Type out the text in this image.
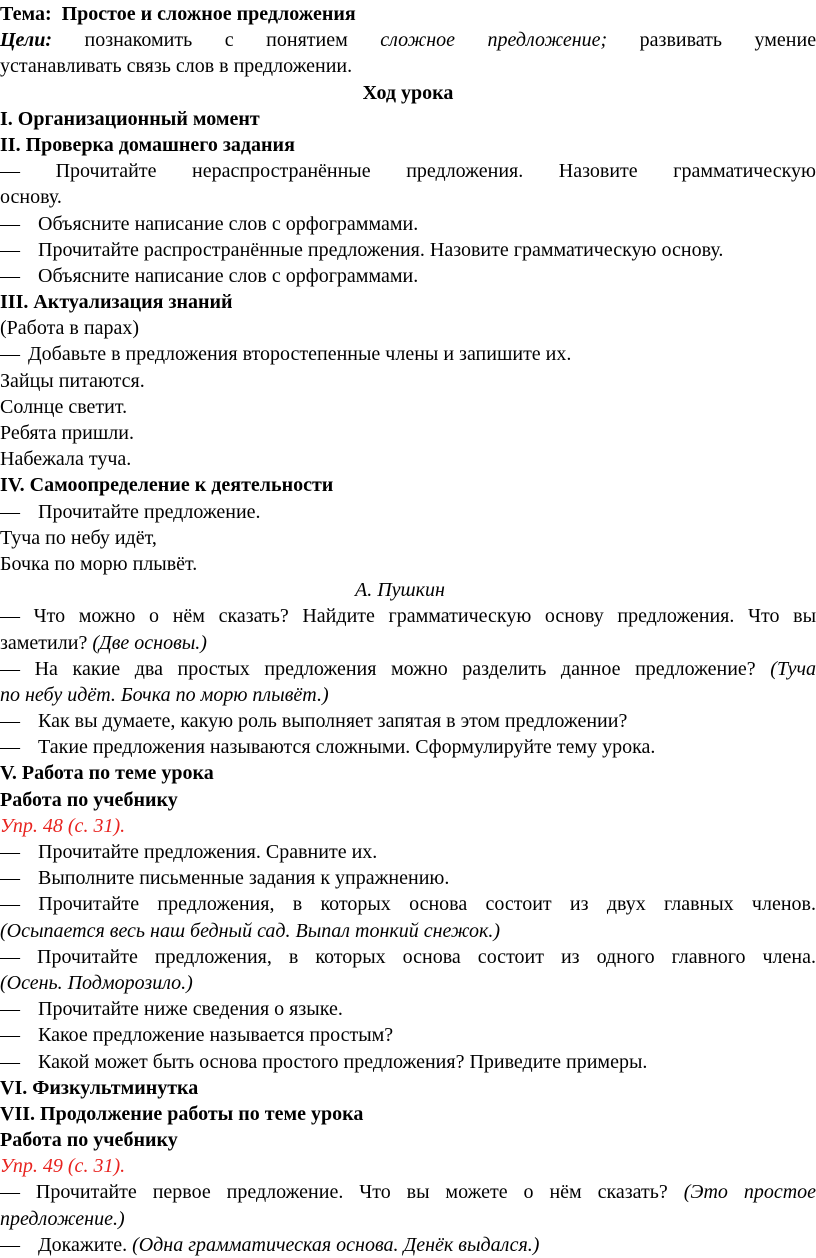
Тема: Простое и сложное предложения
Цели: познакомить с понятием сложное предложение; развивать умение
устанавливать связь слов в предложении.
Ход урока
I. Организационный момент
II. Проверка домашнего задания
— Прочитайте нераспространённые предложения. Назовите грамматическую
основу.
— Объясните написание слов с орфограммами.
— Прочитайте распространённые предложения. Назовите грамматическую основу.
— Объясните написание слов с орфограммами.
III. Актуализация знаний
(Работа в парах)
— Добавьте в предложения второстепенные члены и запишите их.
Зайцы питаются.
Солнце светит.
Ребята пришли.
Набежала туча.
IV. Самоопределение к деятельности
— Прочитайте предложение.
Туча по небу идёт,
Бочка по морю плывёт.
А. Пушкин
— Что можно о нём сказать? Найдите грамматическую основу предложения. Что вы
заметили? (Две основы.)
— На какие два простых предложения можно разделить данное предложение? (Туча
по небу идёт. Бочка по морю плывёт.)
— Как вы думаете, какую роль выполняет запятая в этом предложении?
— Такие предложения называются сложными. Сформулируйте тему урока.
V. Работа по теме урока
Работа по учебнику
Упр. 48 (с. 31).
— Прочитайте предложения. Сравните их.
— Выполните письменные задания к упражнению.
— Прочитайте предложения, в которых основа состоит из двух главных членов.
(Осыпается весь наш бедный сад. Выпал тонкий снежок.)
— Прочитайте предложения, в которых основа состоит из одного главного члена.
(Осень. Подморозило.)
— Прочитайте ниже сведения о языке.
— Какое предложение называется простым?
— Какой может быть основа простого предложения? Приведите примеры.
VI. Физкультминутка
VII. Продолжение работы по теме урока
Работа по учебнику
Упр. 49 (с. 31).
— Прочитайте первое предложение. Что вы можете о нём сказать? (Это простое
предложение.)
— Докажите. (Одна грамматическая основа. Денёк выдался.)
